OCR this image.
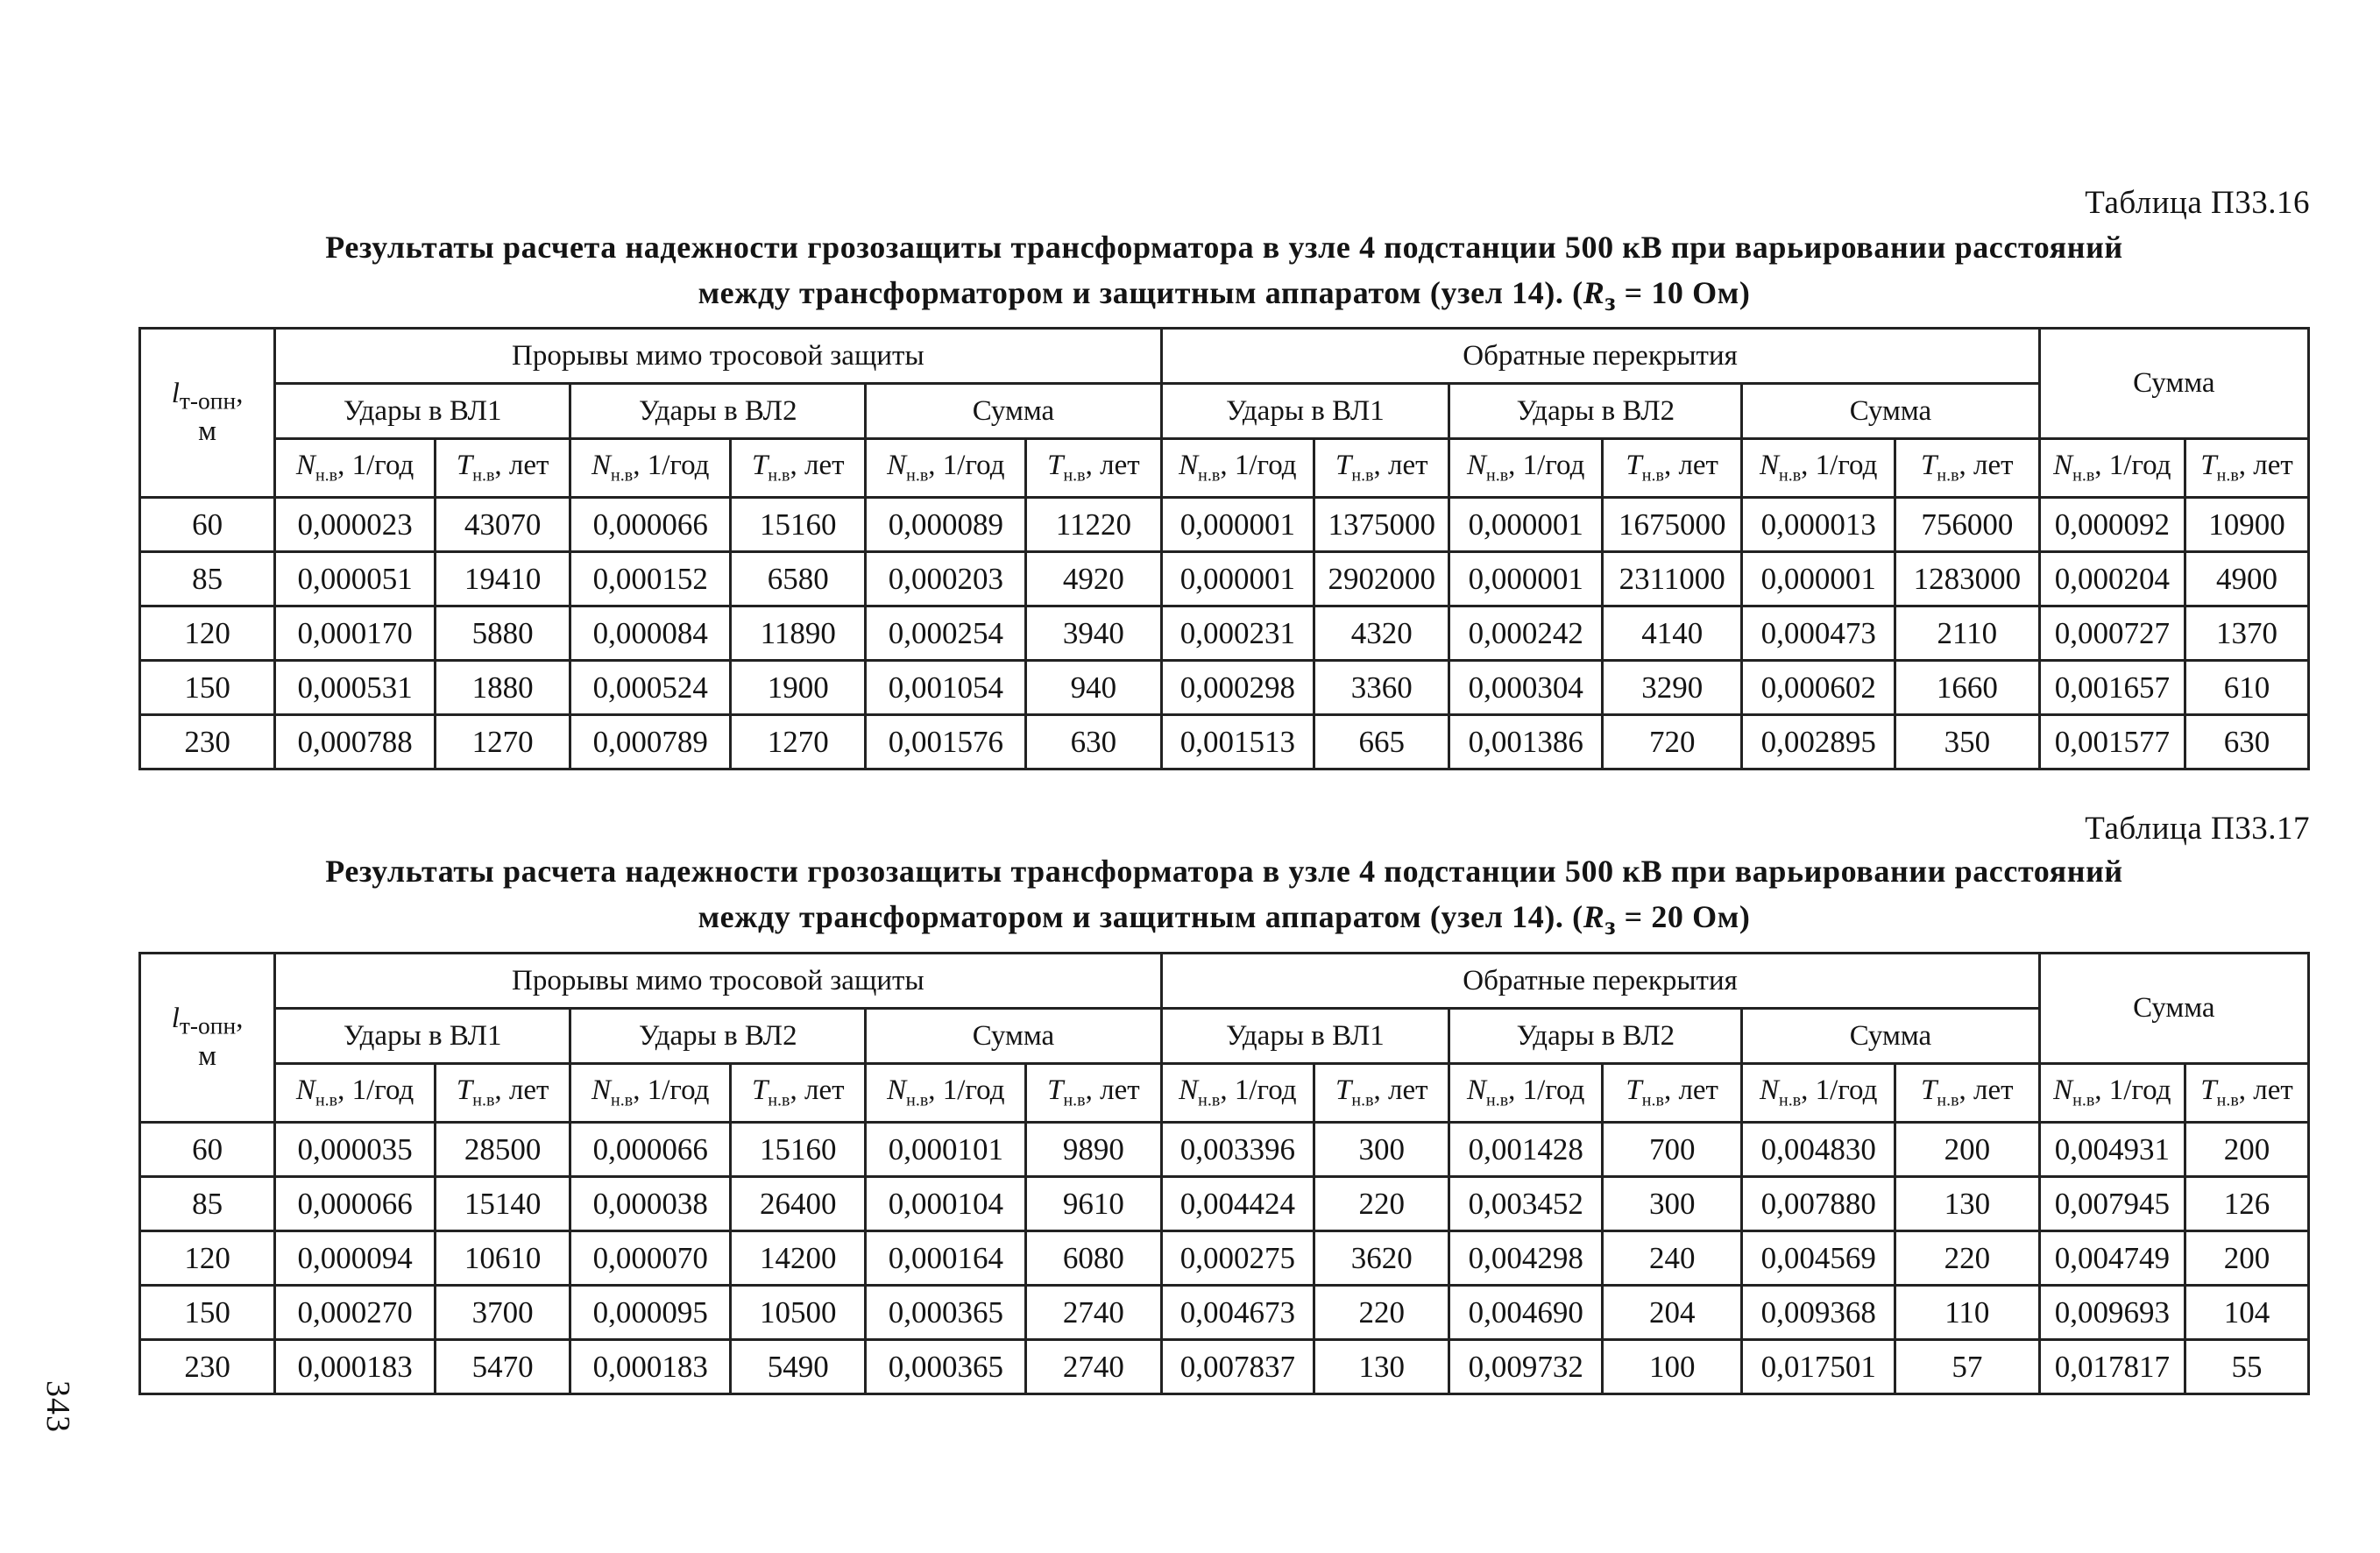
Таблица П33.16
Результаты расчета надежности грозозащиты трансформатора в узле 4 подстанции 500 кВ при варьировании расстояний
между трансформатором и защитным аппаратом (узел 14). ($R_з = 10$ Ом)
$l_{т-опн}$,
м	Прорывы мимо тросовой защиты						Обратные перекрытия						Сумма	
	Удары в ВЛ1		Удары в ВЛ2		Сумма		Удары в ВЛ1		Удары в ВЛ2		Сумма			
	$N_{н.в}$, 1/год	$T_{н.в}$, лет	$N_{н.в}$, 1/год	$T_{н.в}$, лет	$N_{н.в}$, 1/год	$T_{н.в}$, лет	$N_{н.в}$, 1/год	$T_{н.в}$, лет	$N_{н.в}$, 1/год	$T_{н.в}$, лет	$N_{н.в}$, 1/год	$T_{н.в}$, лет	$N_{н.в}$, 1/год	$T_{н.в}$, лет
60	0,000023	43070	0,000066	15160	0,000089	11220	0,000001	1375000	0,000001	1675000	0,000013	756000	0,000092	10900
85	0,000051	19410	0,000152	6580	0,000203	4920	0,000001	2902000	0,000001	2311000	0,000001	1283000	0,000204	4900
120	0,000170	5880	0,000084	11890	0,000254	3940	0,000231	4320	0,000242	4140	0,000473	2110	0,000727	1370
150	0,000531	1880	0,000524	1900	0,001054	940	0,000298	3360	0,000304	3290	0,000602	1660	0,001657	610
230	0,000788	1270	0,000789	1270	0,001576	630	0,001513	665	0,001386	720	0,002895	350	0,001577	630
Таблица П33.17
Результаты расчета надежности грозозащиты трансформатора в узле 4 подстанции 500 кВ при варьировании расстояний
между трансформатором и защитным аппаратом (узел 14). ($R_з = 20$ Ом)
$l_{т-опн}$,
м	Прорывы мимо тросовой защиты						Обратные перекрытия						Сумма	
	Удары в ВЛ1		Удары в ВЛ2		Сумма		Удары в ВЛ1		Удары в ВЛ2		Сумма			
	$N_{н.в}$, 1/год	$T_{н.в}$, лет	$N_{н.в}$, 1/год	$T_{н.в}$, лет	$N_{н.в}$, 1/год	$T_{н.в}$, лет	$N_{н.в}$, 1/год	$T_{н.в}$, лет	$N_{н.в}$, 1/год	$T_{н.в}$, лет	$N_{н.в}$, 1/год	$T_{н.в}$, лет	$N_{н.в}$, 1/год	$T_{н.в}$, лет
60	0,000035	28500	0,000066	15160	0,000101	9890	0,003396	300	0,001428	700	0,004830	200	0,004931	200
85	0,000066	15140	0,000038	26400	0,000104	9610	0,004424	220	0,003452	300	0,007880	130	0,007945	126
120	0,000094	10610	0,000070	14200	0,000164	6080	0,000275	3620	0,004298	240	0,004569	220	0,004749	200
150	0,000270	3700	0,000095	10500	0,000365	2740	0,004673	220	0,004690	204	0,009368	110	0,009693	104
230	0,000183	5470	0,000183	5490	0,000365	2740	0,007837	130	0,009732	100	0,017501	57	0,017817	55
343
